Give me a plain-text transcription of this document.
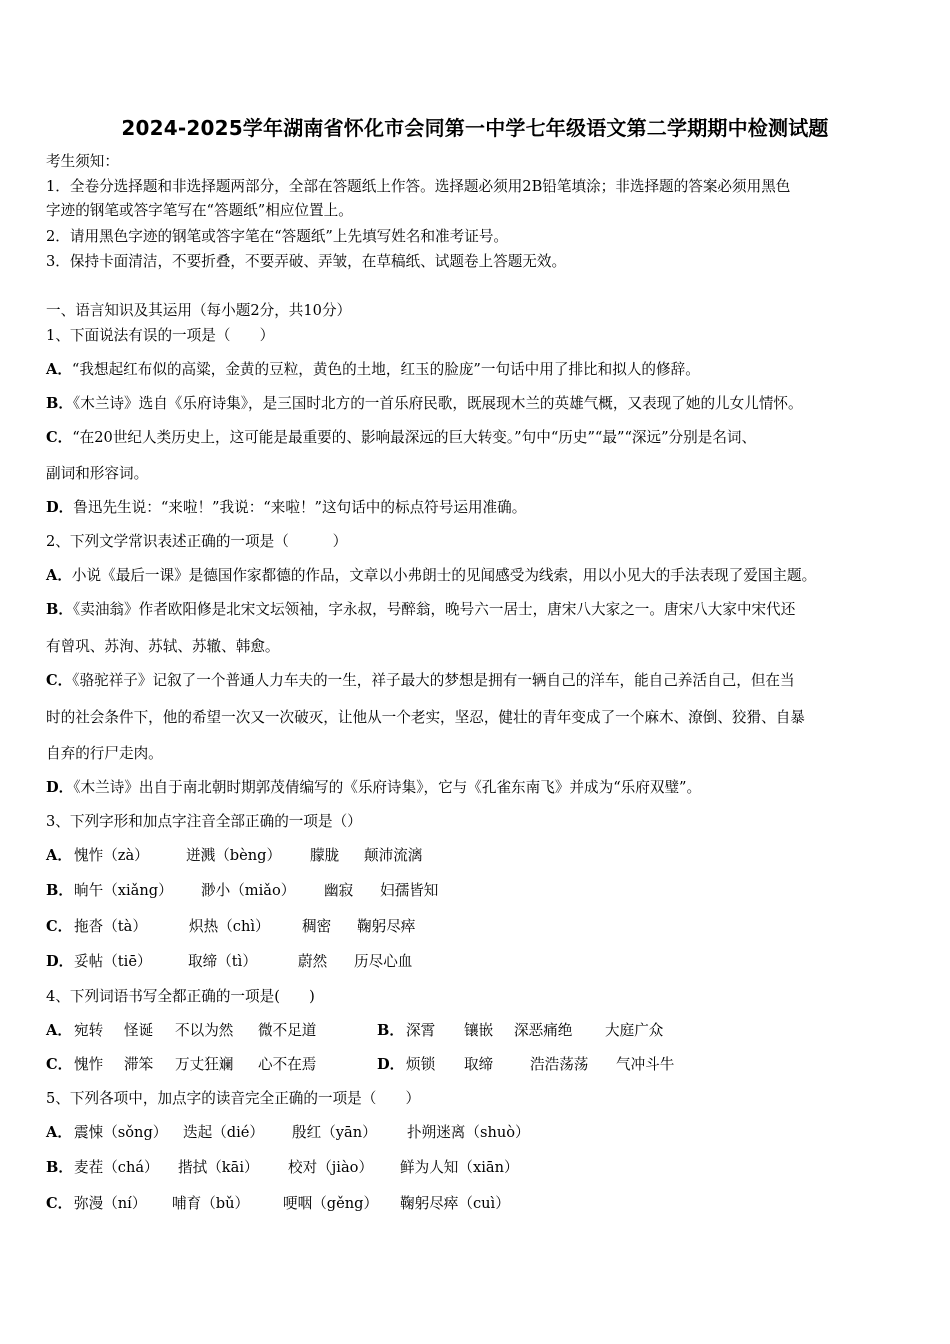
2024-2025学年湖南省怀化市会同第一中学七年级语文第二学期期中检测试题
考生须知：
1．全卷分选择题和非选择题两部分，全部在答题纸上作答。选择题必须用2B铅笔填涂；非选择题的答案必须用黑色
字迹的钢笔或答字笔写在“答题纸”相应位置上。
2．请用黑色字迹的钢笔或答字笔在“答题纸”上先填写姓名和准考证号。
3．保持卡面清洁，不要折叠，不要弄破、弄皱，在草稿纸、试题卷上答题无效。
一、语言知识及其运用（每小题2分，共10分）
1、下面说法有误的一项是（　　）
A．“我想起红布似的高粱，金黄的豆粒，黄色的土地，红玉的脸庞”一句话中用了排比和拟人的修辞。
B．《木兰诗》选自《乐府诗集》，是三国时北方的一首乐府民歌，既展现木兰的英雄气概，又表现了她的儿女儿情怀。
C．“在20世纪人类历史上，这可能是最重要的、影响最深远的巨大转变。”句中“历史”“最”“深远”分别是名词、
副词和形容词。
D．鲁迅先生说：“来啦！”我说：“来啦！”这句话中的标点符号运用准确。
2、下列文学常识表述正确的一项是（　　　）
A．小说《最后一课》是德国作家都德的作品，文章以小弗朗士的见闻感受为线索，用以小见大的手法表现了爱国主题。
B．《卖油翁》作者欧阳修是北宋文坛领袖，字永叔，号醉翁，晚号六一居士，唐宋八大家之一。唐宋八大家中宋代还
有曾巩、苏洵、苏轼、苏辙、韩愈。
C．《骆驼祥子》记叙了一个普通人力车夫的一生，祥子最大的梦想是拥有一辆自己的洋车，能自己养活自己，但在当
时的社会条件下，他的希望一次又一次破灭，让他从一个老实，坚忍，健壮的青年变成了一个麻木、潦倒、狡猾、自暴
自弃的行尸走肉。
D．《木兰诗》出自于南北朝时期郭茂倩编写的《乐府诗集》，它与《孔雀东南飞》并成为“乐府双璧”。
3、下列字形和加点字注音全部正确的一项是（）
A． 愧怍（zà）	迸溅（bèng） 朦胧 颠沛流漓
B． 晌午（xiǎng） 渺小（miǎo） 幽寂 妇孺皆知
C． 拖沓（tà）	炽热（chì） 稠密 鞠躬尽瘁
D． 妥帖（tiē） 取缔（tì）	蔚然 历尽心血
4、下列词语书写全都正确的一项是(　　)
A． 宛转 怪诞 不以为然 微不足道	B． 深霄 镶嵌 深恶痛绝 大庭广众
C． 愧怍 滞笨 万丈狂斓 心不在焉	D． 烦锁 取缔	浩浩荡荡 气冲斗牛
5、下列各项中，加点字的读音完全正确的一项是（　　）
A． 震悚（sǒng） 迭起（dié） 殷红（yān） 扑朔迷离（shuò）
B． 麦茬（chá） 揩拭（kāi） 校对（jiào） 鲜为人知（xiān）
C． 弥漫（ní） 哺育（bǔ） 哽咽（gěng） 鞠躬尽瘁（cuì）
